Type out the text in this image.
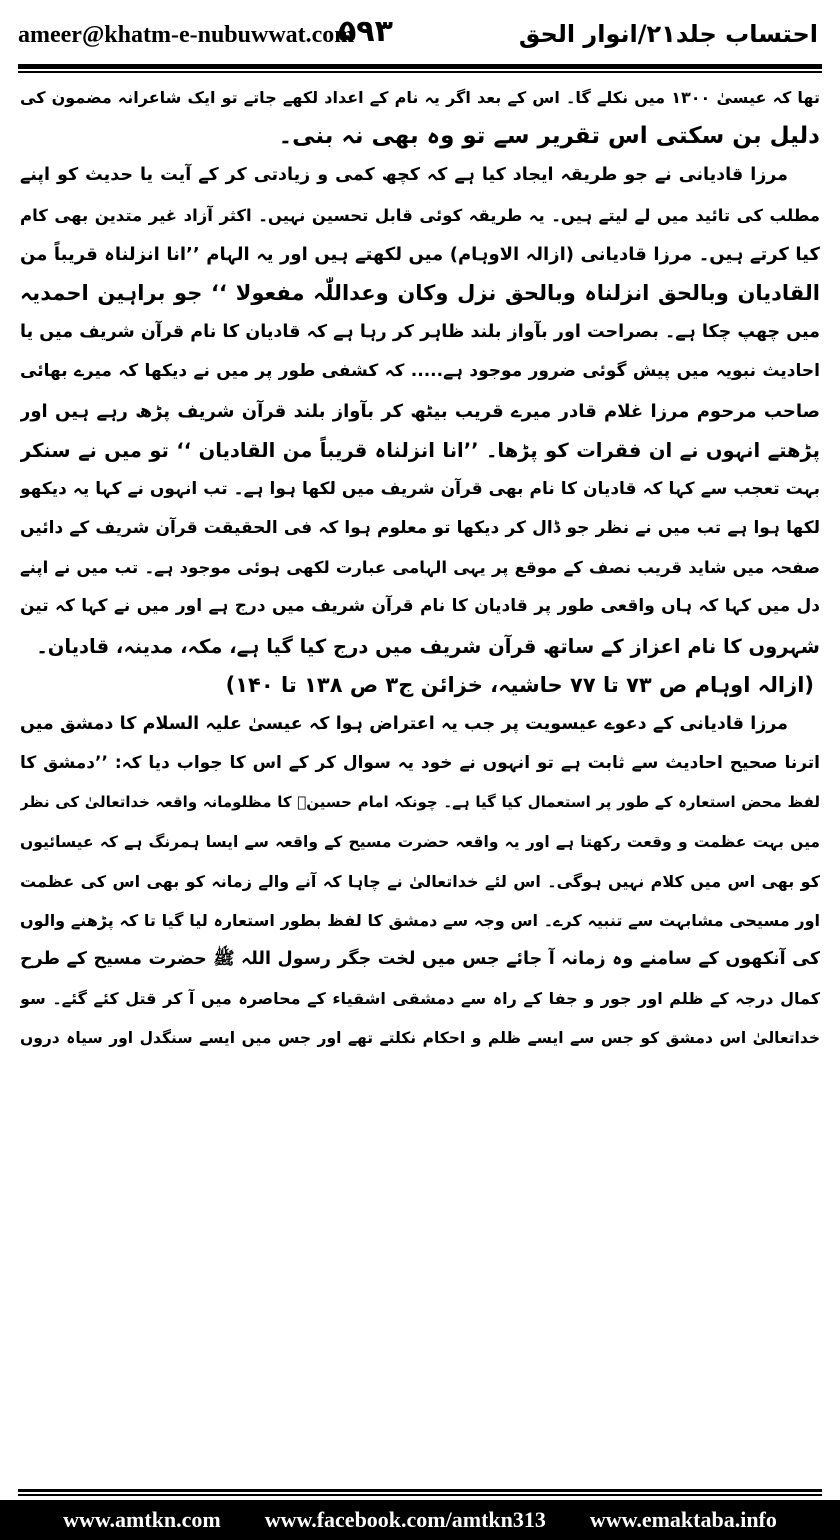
ameer@khatm-e-nubuwwat.com
۵۹۳	احتساب جلد۲۱/انوار الحق
تھا کہ عیسیٰ ۱۳۰۰ میں نکلے گا۔ اس کے بعد اگر یہ نام کے اعداد لکھے جاتے تو ایک شاعرانہ مضمون کی
دلیل بن سکتی اس تقریر سے تو وہ بھی نہ بنی۔
مرزا قادیانی نے جو طریقہ ایجاد کیا ہے کہ کچھ کمی و زیادتی کر کے آیت یا حدیث کو اپنے
مطلب کی تائید میں لے لیتے ہیں۔ یہ طریقہ کوئی قابل تحسین نہیں۔ اکثر آزاد غیر متدین بھی کام
کیا کرتے ہیں۔ مرزا قادیانی (ازالہ الاوہام) میں لکھتے ہیں اور یہ الہام ’’انا انزلناہ قریباً من
القادیان وبالحق انزلناہ وبالحق نزل وکان وعداللّٰہ مفعولا ‘‘ جو براہین احمدیہ
میں چھپ چکا ہے۔ بصراحت اور بآواز بلند ظاہر کر رہا ہے کہ قادیان کا نام قرآن شریف میں یا
احادیث نبویہ میں پیش گوئی ضرور موجود ہے..... کہ کشفی طور پر میں نے دیکھا کہ میرے بھائی
صاحب مرحوم مرزا غلام قادر میرے قریب بیٹھ کر بآواز بلند قرآن شریف پڑھ رہے ہیں اور
پڑھتے انہوں نے ان فقرات کو پڑھا۔ ’’انا انزلناہ قریباً من القادیان ‘‘ تو میں نے سنکر
بہت تعجب سے کہا کہ قادیان کا نام بھی قرآن شریف میں لکھا ہوا ہے۔ تب انہوں نے کہا یہ دیکھو
لکھا ہوا ہے تب میں نے نظر جو ڈال کر دیکھا تو معلوم ہوا کہ فی الحقیقت قرآن شریف کے دائیں
صفحہ میں شاید قریب نصف کے موقع پر یہی الہامی عبارت لکھی ہوئی موجود ہے۔ تب میں نے اپنے
دل میں کہا کہ ہاں واقعی طور پر قادیان کا نام قرآن شریف میں درج ہے اور میں نے کہا کہ تین
شہروں کا نام اعزاز کے ساتھ قرآن شریف میں درج کیا گیا ہے، مکہ، مدینہ، قادیان۔
(ازالہ اوہام ص ۷۳ تا ۷۷ حاشیہ، خزائن ج۳ ص ۱۳۸ تا ۱۴۰)
مرزا قادیانی کے دعوے عیسویت پر جب یہ اعتراض ہوا کہ عیسیٰ علیہ السلام کا دمشق میں
اترنا صحیح احادیث سے ثابت ہے تو انہوں نے خود یہ سوال کر کے اس کا جواب دیا کہ: ’’دمشق کا
لفظ محض استعارہ کے طور پر استعمال کیا گیا ہے۔ چونکہ امام حسینؓ کا مظلومانہ واقعہ خداتعالیٰ کی نظر
میں بہت عظمت و وقعت رکھتا ہے اور یہ واقعہ حضرت مسیح کے واقعہ سے ایسا ہمرنگ ہے کہ عیسائیوں
کو بھی اس میں کلام نہیں ہوگی۔ اس لئے خداتعالیٰ نے چاہا کہ آنے والے زمانہ کو بھی اس کی عظمت
اور مسیحی مشابہت سے تنبیہ کرے۔ اس وجہ سے دمشق کا لفظ بطور استعارہ لیا گیا تا کہ پڑھنے والوں
کی آنکھوں کے سامنے وہ زمانہ آ جائے جس میں لخت جگر رسول اللہ ﷺ حضرت مسیح کے طرح
کمال درجہ کے ظلم اور جور و جفا کے راہ سے دمشقی اشقیاء کے محاصرہ میں آ کر قتل کئے گئے۔ سو
خداتعالیٰ اس دمشق کو جس سے ایسے ظلم و احکام نکلتے تھے اور جس میں ایسے سنگدل اور سیاہ دروں
www.amtkn.com www.facebook.com/amtkn313 www.emaktaba.info
